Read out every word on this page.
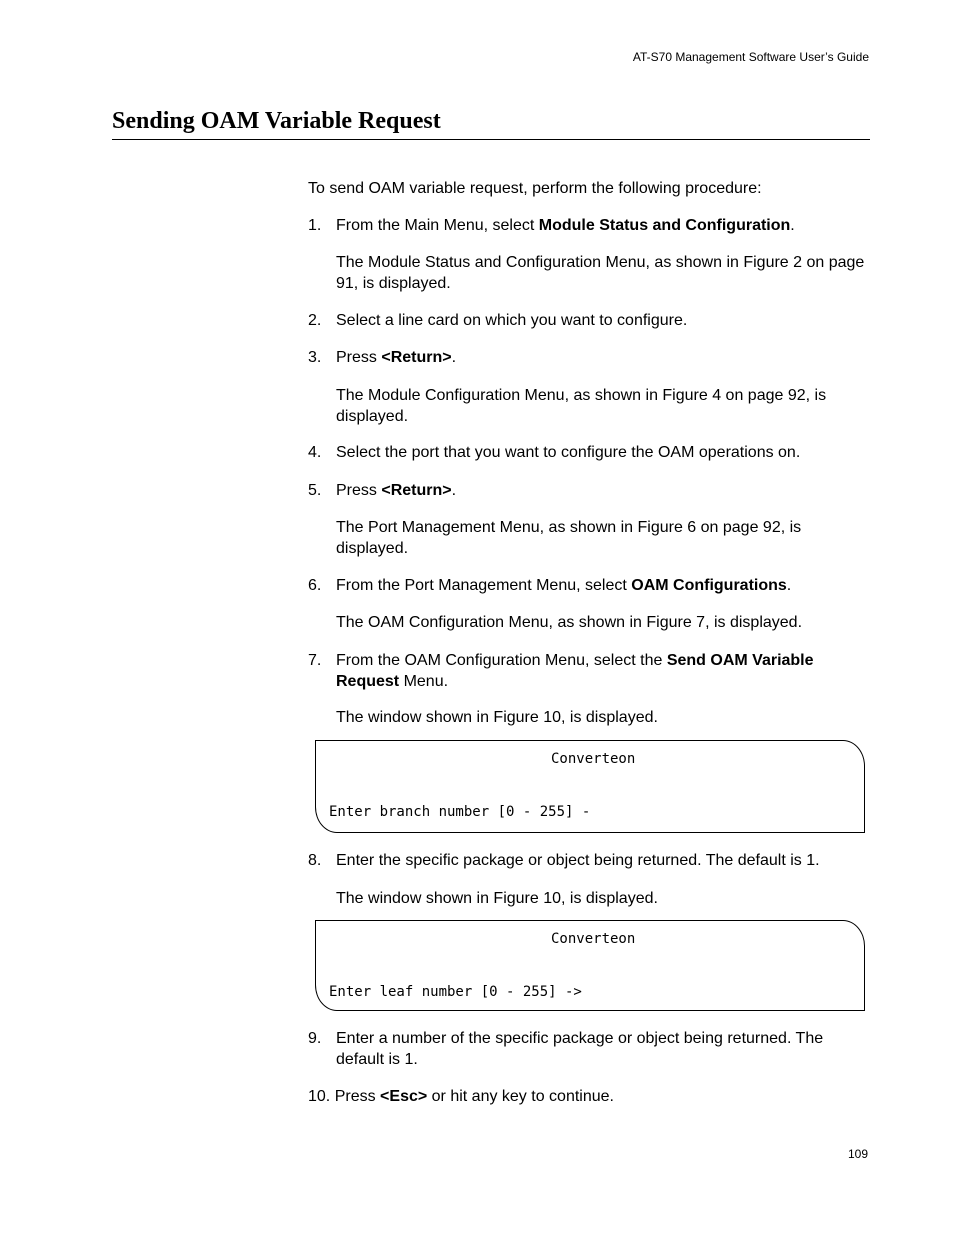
AT-S70 Management Software User’s Guide
Sending OAM Variable Request

To send OAM variable request, perform the following procedure:

1. From the Main Menu, select Module Status and Configuration.

The Module Status and Configuration Menu, as shown in Figure 2 on page 91, is displayed.

2. Select a line card on which you want to configure.
3. Press <Return>.

The Module Configuration Menu, as shown in Figure 4 on page 92, is displayed.

4. Select the port that you want to configure the OAM operations on.
5. Press <Return>.

The Port Management Menu, as shown in Figure 6 on page 92, is displayed.

6. From the Port Management Menu, select OAM Configurations.

The OAM Configuration Menu, as shown in Figure 7, is displayed.

7. From the OAM Configuration Menu, select the Send OAM Variable Request Menu.

The window shown in Figure 10, is displayed.

Converteon
Enter branch number [0 - 255] -
8. Enter the specific package or object being returned. The default is 1.

The window shown in Figure 10, is displayed.

Converteon
Enter leaf number [0 - 255] ->
9. Enter a number of the specific package or object being returned. The default is 1.
10. Press <Esc> or hit any key to continue.
109
